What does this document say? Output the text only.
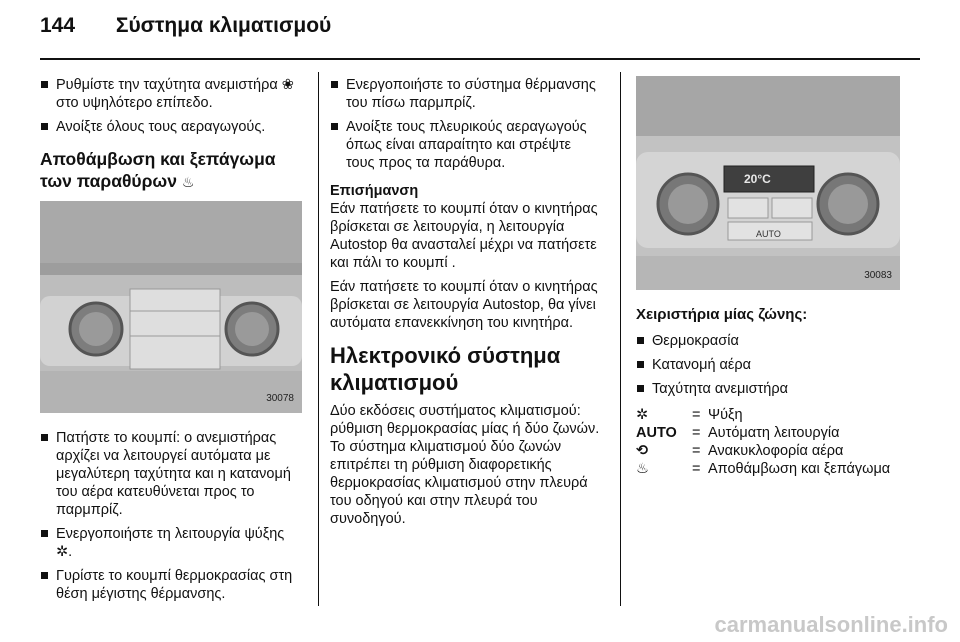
144 Σύστημα κλιματισμού
Ρυθμίστε την ταχύτητα ανεμιστήρα ❀ στο υψηλότερο επίπεδο.
Ανοίξτε όλους τους αεραγωγούς.
Αποθάμβωση και ξεπάγωμα των παραθύρων ♨
30078
Πατήστε το κουμπί: ο ανεμιστήρας αρχίζει να λειτουργεί αυτόματα με μεγαλύτερη ταχύτητα και η κατανομή του αέρα κατευθύνεται προς το παρμπρίζ.
Ενεργοποιήστε τη λειτουργία ψύξης ✲.
Γυρίστε το κουμπί θερμοκρασίας στη θέση μέγιστης θέρμανσης.
Ενεργοποιήστε το σύστημα θέρμανσης του πίσω παρμπρίζ.
Ανοίξτε τους πλευρικούς αεραγωγούς όπως είναι απαραίτητο και στρέψτε τους προς τα παράθυρα.
Επισήμανση

Εάν πατήσετε το κουμπί όταν ο κινητήρας βρίσκεται σε λειτουργία, η λειτουργία Autostop θα ανασταλεί μέχρι να πατήσετε και πάλι το κουμπί .

Εάν πατήσετε το κουμπί όταν ο κινητήρας βρίσκεται σε λειτουργία Autostop, θα γίνει αυτόματα επανεκκίνηση του κινητήρα.

Ηλεκτρονικό σύστημα κλιματισμού

Δύο εκδόσεις συστήματος κλιματισμού: ρύθμιση θερμοκρασίας μίας ή δύο ζωνών. Το σύστημα κλιματισμού δύο ζωνών επιτρέπει τη ρύθμιση διαφορετικής θερμοκρασίας κλιματισμού στην πλευρά του οδηγού και στην πλευρά του συνοδηγού.

20°C
AUTO
30083
Χειριστήρια μίας ζώνης:
Θερμοκρασία
Κατανομή αέρα
Ταχύτητα ανεμιστήρα
✲	= Ψύξη
AUTO	= Αυτόματη λειτουργία
⟲	= Ανακυκλοφορία αέρα
♨	= Αποθάμβωση και ξεπάγωμα
carmanualsonline.info
